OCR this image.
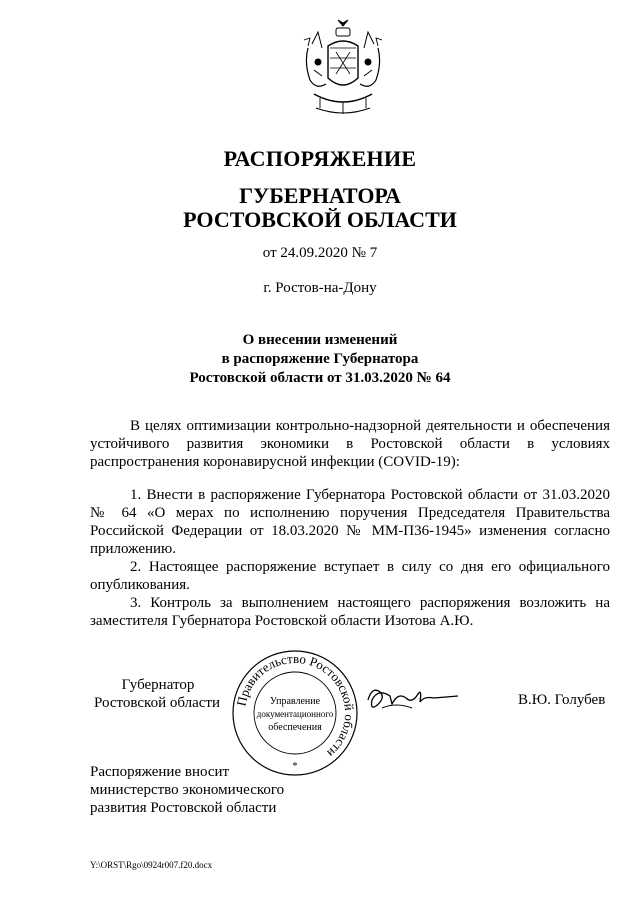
РАСПОРЯЖЕНИЕ
ГУБЕРНАТОРА
РОСТОВСКОЙ ОБЛАСТИ
от 24.09.2020 № 7
г. Ростов-на-Дону
О внесении изменений
в распоряжение Губернатора
Ростовской области от 31.03.2020 № 64

В целях оптимизации контрольно-надзорной деятельности и обеспечения устойчивого развития экономики в Ростовской области в условиях распространения коронавирусной инфекции (COVID-19):

1. Внести в распоряжение Губернатора Ростовской области от 31.03.2020 № 64 «О мерах по исполнению поручения Председателя Правительства Российской Федерации от 18.03.2020 № ММ-П36-1945» изменения согласно приложению.

2. Настоящее распоряжение вступает в силу со дня его официального опубликования.

3. Контроль за выполнением настоящего распоряжения возложить на заместителя Губернатора Ростовской области Изотова А.Ю.

Губернатор
Ростовской области Правительство Ростовской области
Управление
документационного
обеспечения
*
В.Ю. Голубев
Распоряжение вносит
министерство экономического
развития Ростовской области
Y:\ORST\Rgo\0924r007.f20.docx
